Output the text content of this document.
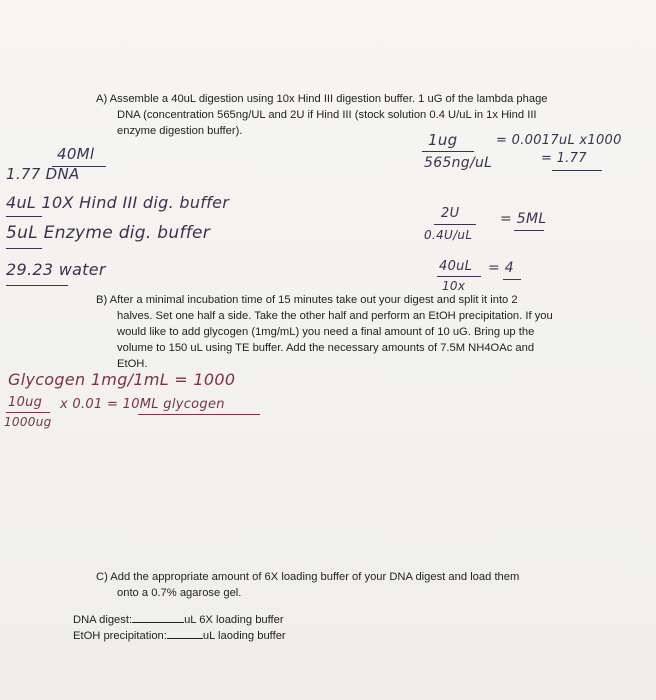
A) Assemble a 40uL digestion using 10x Hind III digestion buffer. 1 uG of the lambda phage

DNA (concentration 565ng/UL and 2U if Hind III (stock solution 0.4 U/uL in 1x Hind III

enzyme digestion buffer).

40Ml
1.77 DNA
4uL 10X Hind III dig. buffer
5uL Enzyme dig. buffer
29.23 water
1ug
565ng/uL
= 0.0017uL x1000
= 1.77
2U
0.4U/uL
= 5ML
40uL
10x
= 4

B) After a minimal incubation time of 15 minutes take out your digest and split it into 2

halves. Set one half a side. Take the other half and perform an EtOH precipitation. If you

would like to add glycogen (1mg/mL) you need a final amount of 10 uG. Bring up the

volume to 150 uL using TE buffer. Add the necessary amounts of 7.5M NH4OAc and

EtOH.

Glycogen 1mg/1mL = 1000
10ug
1000ug
x 0.01 = 10ML glycogen

C) Add the appropriate amount of 6X loading buffer of your DNA digest and load them

onto a 0.7% agarose gel.

DNA digest:	uL 6X loading buffer
EtOH precipitation:	uL laoding buffer
